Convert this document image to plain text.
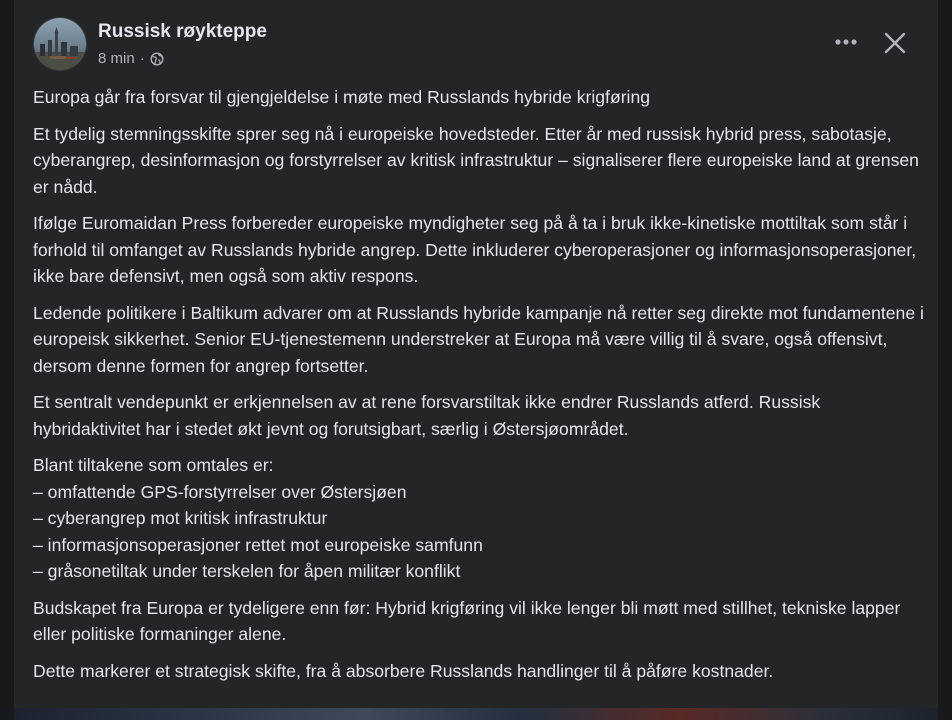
Russisk røykteppe
8 min ·

Europa går fra forsvar til gjengjeldelse i møte med Russlands hybride krigføring

Et tydelig stemningsskifte sprer seg nå i europeiske hovedsteder. Etter år med russisk hybrid press, sabotasje, cyberangrep, desinformasjon og forstyrrelser av kritisk infrastruktur – signaliserer flere europeiske land at grensen er nådd.

Ifølge Euromaidan Press forbereder europeiske myndigheter seg på å ta i bruk ikke-kinetiske mottiltak som står i forhold til omfanget av Russlands hybride angrep. Dette inkluderer cyberoperasjoner og informasjonsoperasjoner, ikke bare defensivt, men også som aktiv respons.

Ledende politikere i Baltikum advarer om at Russlands hybride kampanje nå retter seg direkte mot fundamentene i europeisk sikkerhet. Senior EU-tjenestemenn understreker at Europa må være villig til å svare, også offensivt, dersom denne formen for angrep fortsetter.

Et sentralt vendepunkt er erkjennelsen av at rene forsvarstiltak ikke endrer Russlands atferd. Russisk hybridaktivitet har i stedet økt jevnt og forutsigbart, særlig i Østersjøområdet.

Blant tiltakene som omtales er:
– omfattende GPS-forstyrrelser over Østersjøen
– cyberangrep mot kritisk infrastruktur
– informasjonsoperasjoner rettet mot europeiske samfunn
– gråsonetiltak under terskelen for åpen militær konflikt

Budskapet fra Europa er tydeligere enn før: Hybrid krigføring vil ikke lenger bli møtt med stillhet, tekniske lapper eller politiske formaninger alene.

Dette markerer et strategisk skifte, fra å absorbere Russlands handlinger til å påføre kostnader.
